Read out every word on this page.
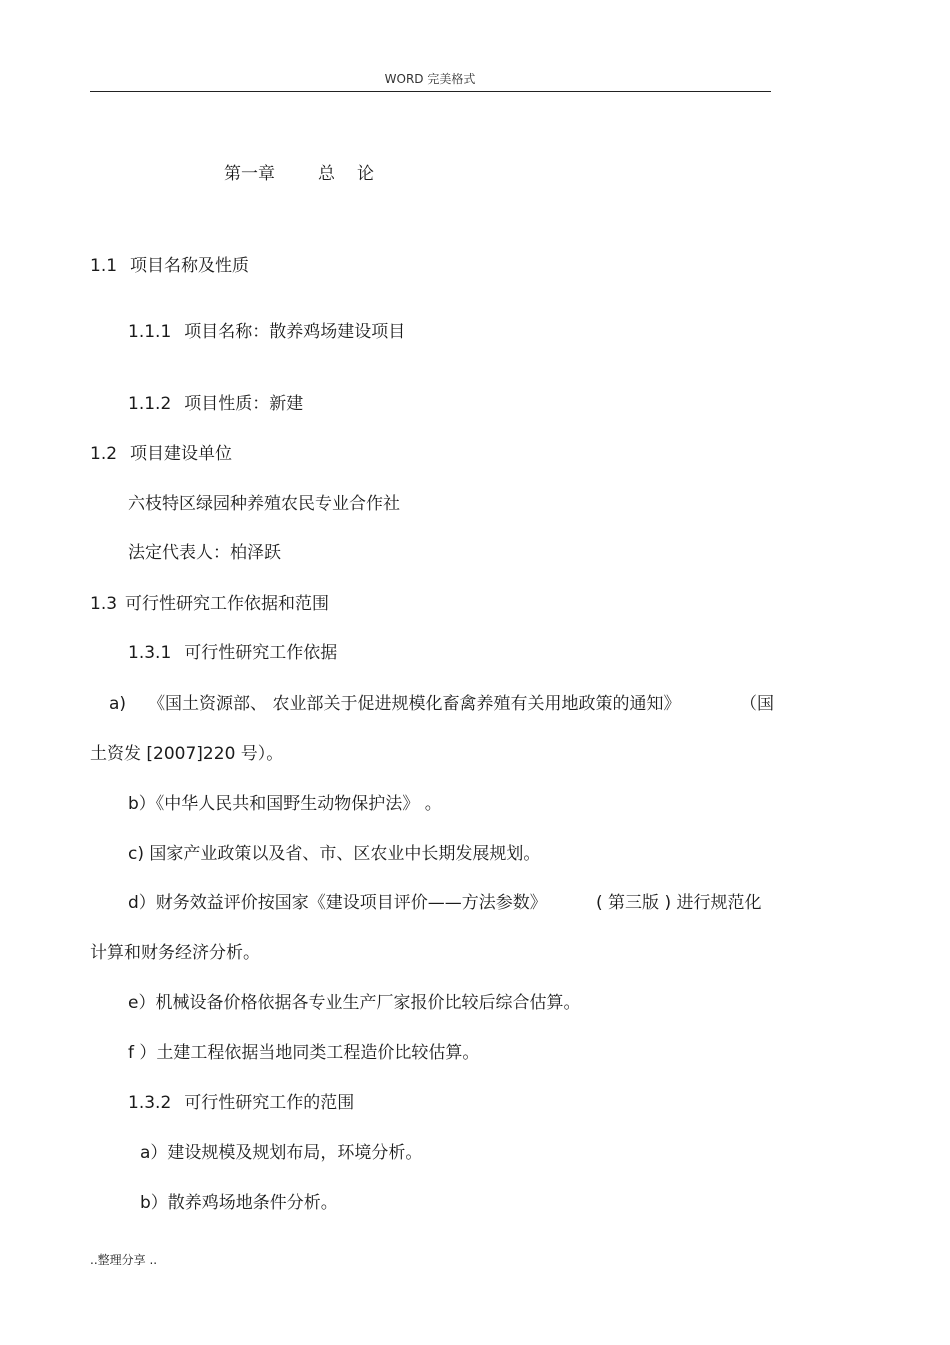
WORD 完美格式
第一章	总 论
1.1 项目名称及性质
1.1.1 项目名称：散养鸡场建设项目
1.1.2 项目性质：新建
1.2 项目建设单位
六枝特区绿园种养殖农民专业合作社
法定代表人：柏泽跃
1.3 可行性研究工作依据和范围
1.3.1 可行性研究工作依据
a) 《国土资源部、 农业部关于促进规模化畜禽养殖有关用地政策的通知》	（国
土资发 [2007]220 号）。
b）《中华人民共和国野生动物保护法》 。
c) 国家产业政策以及省、市、区农业中长期发展规划。
d）财务效益评价按国家《建设项目评价——方法参数》	( 第三版 ) 进行规范化
计算和财务经济分析。
e）机械设备价格依据各专业生产厂家报价比较后综合估算。
f ）土建工程依据当地同类工程造价比较估算。
1.3.2 可行性研究工作的范围
a）建设规模及规划布局，环境分析。
b）散养鸡场地条件分析。
..整理分享 ..
